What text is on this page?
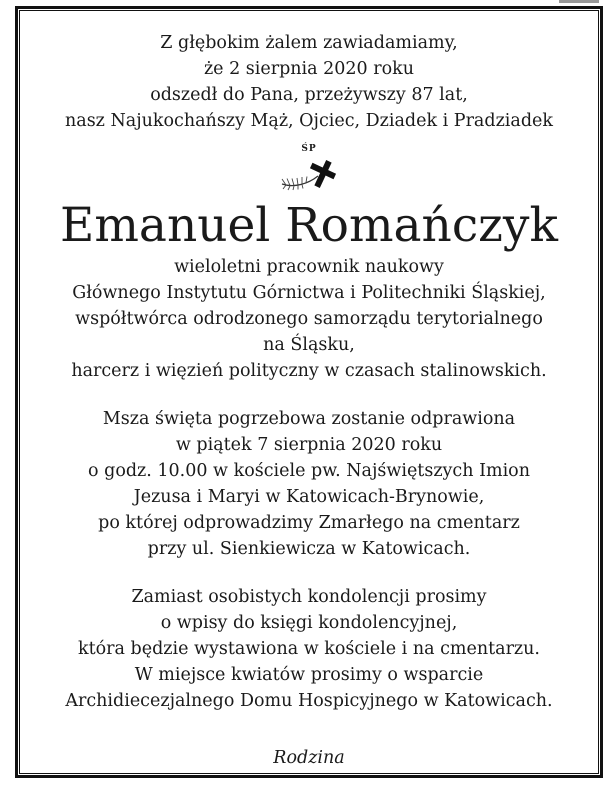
Z głębokim żalem zawiadamiamy,
że 2 sierpnia 2020 roku
odszedł do Pana, przeżywszy 87 lat,
nasz Najukochańszy Mąż, Ojciec, Dziadek i Pradziadek
ŚP
Emanuel Romańczyk
wieloletni pracownik naukowy
Głównego Instytutu Górnictwa i Politechniki Śląskiej,
współtwórca odrodzonego samorządu terytorialnego
na Śląsku,
harcerz i więzień polityczny w czasach stalinowskich.
Msza święta pogrzebowa zostanie odprawiona
w piątek 7 sierpnia 2020 roku
o godz. 10.00 w kościele pw. Najświętszych Imion
Jezusa i Maryi w Katowicach-Brynowie,
po której odprowadzimy Zmarłego na cmentarz
przy ul. Sienkiewicza w Katowicach.
Zamiast osobistych kondolencji prosimy
o wpisy do księgi kondolencyjnej,
która będzie wystawiona w kościele i na cmentarzu.
W miejsce kwiatów prosimy o wsparcie
Archidiecezjalnego Domu Hospicyjnego w Katowicach.
Rodzina
